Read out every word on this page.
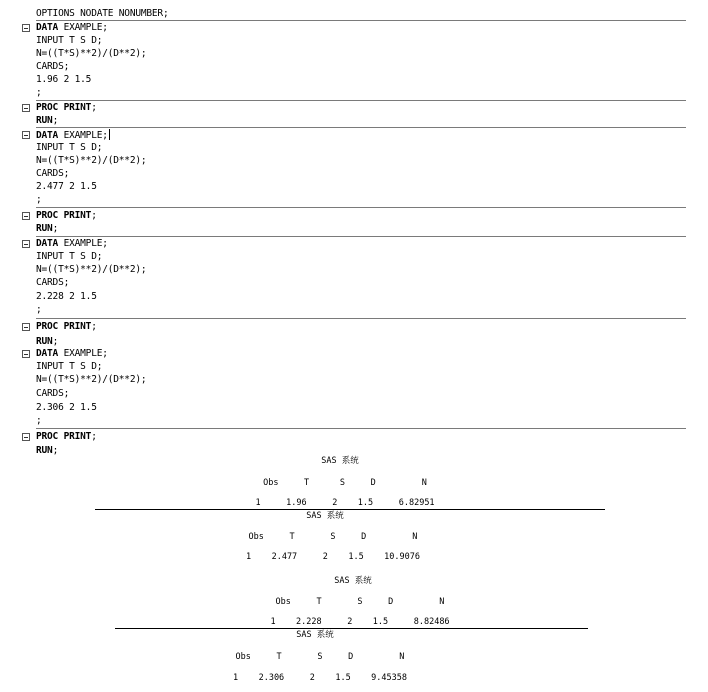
OPTIONS NODATE NONUMBER;
DATA EXAMPLE;
INPUT T S D;
N=((T*S)**2)/(D**2);
CARDS;
1.96 2 1.5
;
PROC PRINT;
RUN;
DATA EXAMPLE;
INPUT T S D;
N=((T*S)**2)/(D**2);
CARDS;
2.477 2 1.5
;
PROC PRINT;
RUN;
DATA EXAMPLE;
INPUT T S D;
N=((T*S)**2)/(D**2);
CARDS;
2.228 2 1.5
;
PROC PRINT;
RUN;
DATA EXAMPLE;
INPUT T S D;
N=((T*S)**2)/(D**2);
CARDS;
2.306 2 1.5
;
PROC PRINT;
RUN;
SAS 系统
Obs     T      S     D         N
1     1.96     2    1.5     6.82951
SAS 系统
Obs     T       S     D         N
1    2.477     2    1.5    10.9076
SAS 系统
Obs     T       S     D         N
1    2.228     2    1.5     8.82486
SAS 系统
Obs     T       S     D         N
1    2.306     2    1.5    9.45358
